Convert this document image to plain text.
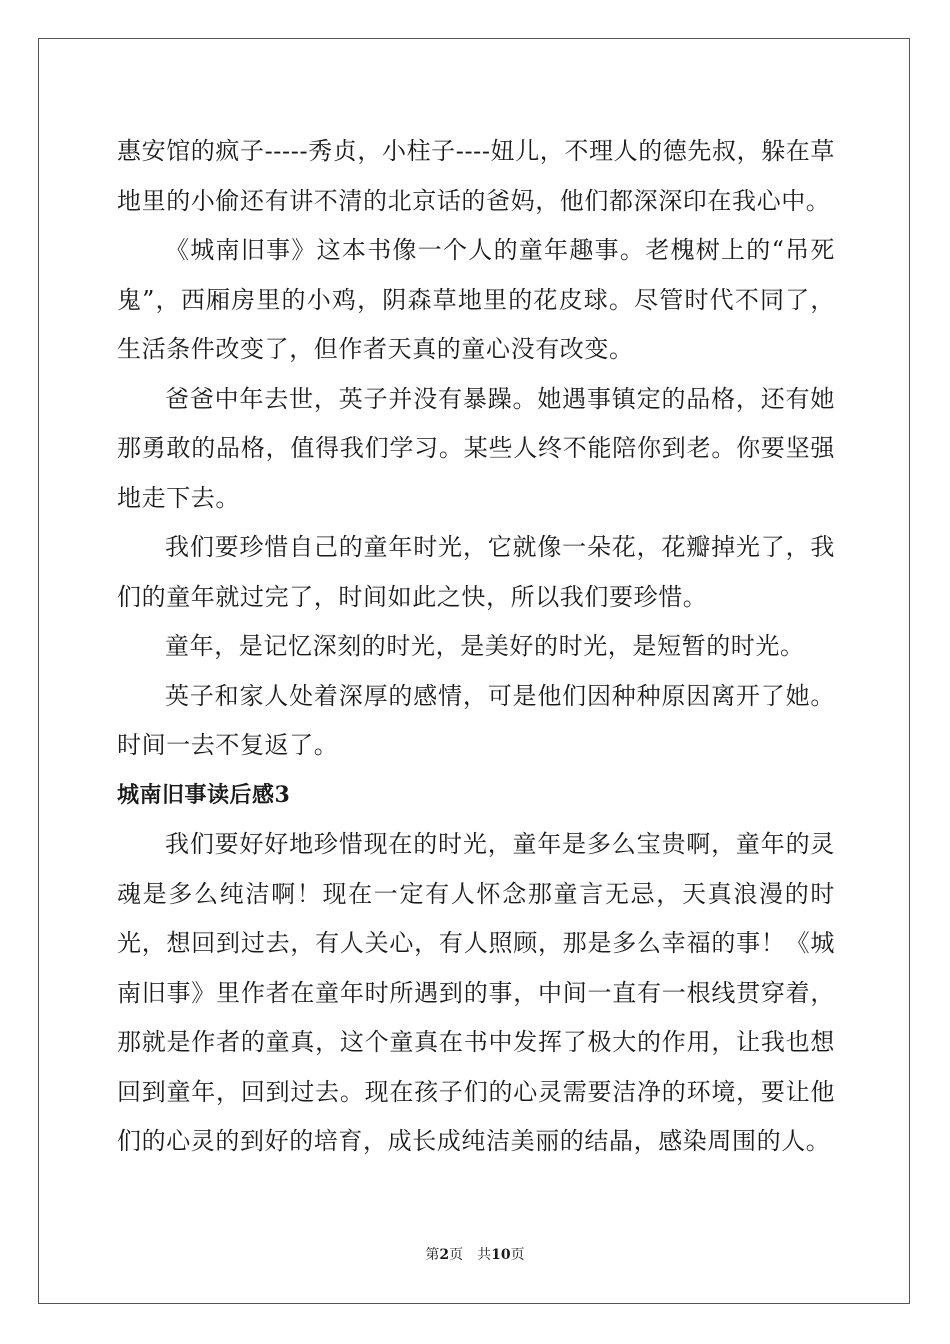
惠安馆的疯子-----秀贞，小柱子----妞儿，不理人的德先叔，躲在草地里的小偷还有讲不清的北京话的爸妈，他们都深深印在我心中。

《城南旧事》这本书像一个人的童年趣事。老槐树上的“吊死鬼”，西厢房里的小鸡，阴森草地里的花皮球。尽管时代不同了，生活条件改变了，但作者天真的童心没有改变。

爸爸中年去世，英子并没有暴躁。她遇事镇定的品格，还有她那勇敢的品格，值得我们学习。某些人终不能陪你到老。你要坚强地走下去。

我们要珍惜自己的童年时光，它就像一朵花，花瓣掉光了，我们的童年就过完了，时间如此之快，所以我们要珍惜。

童年，是记忆深刻的时光，是美好的时光，是短暂的时光。

英子和家人处着深厚的感情，可是他们因种种原因离开了她。时间一去不复返了。

城南旧事读后感3

我们要好好地珍惜现在的时光，童年是多么宝贵啊，童年的灵魂是多么纯洁啊！现在一定有人怀念那童言无忌，天真浪漫的时光，想回到过去，有人关心，有人照顾，那是多么幸福的事！《城南旧事》里作者在童年时所遇到的事，中间一直有一根线贯穿着，那就是作者的童真，这个童真在书中发挥了极大的作用，让我也想回到童年，回到过去。现在孩子们的心灵需要洁净的环境，要让他们的心灵的到好的培育，成长成纯洁美丽的结晶，感染周围的人。

第2页 共10页
